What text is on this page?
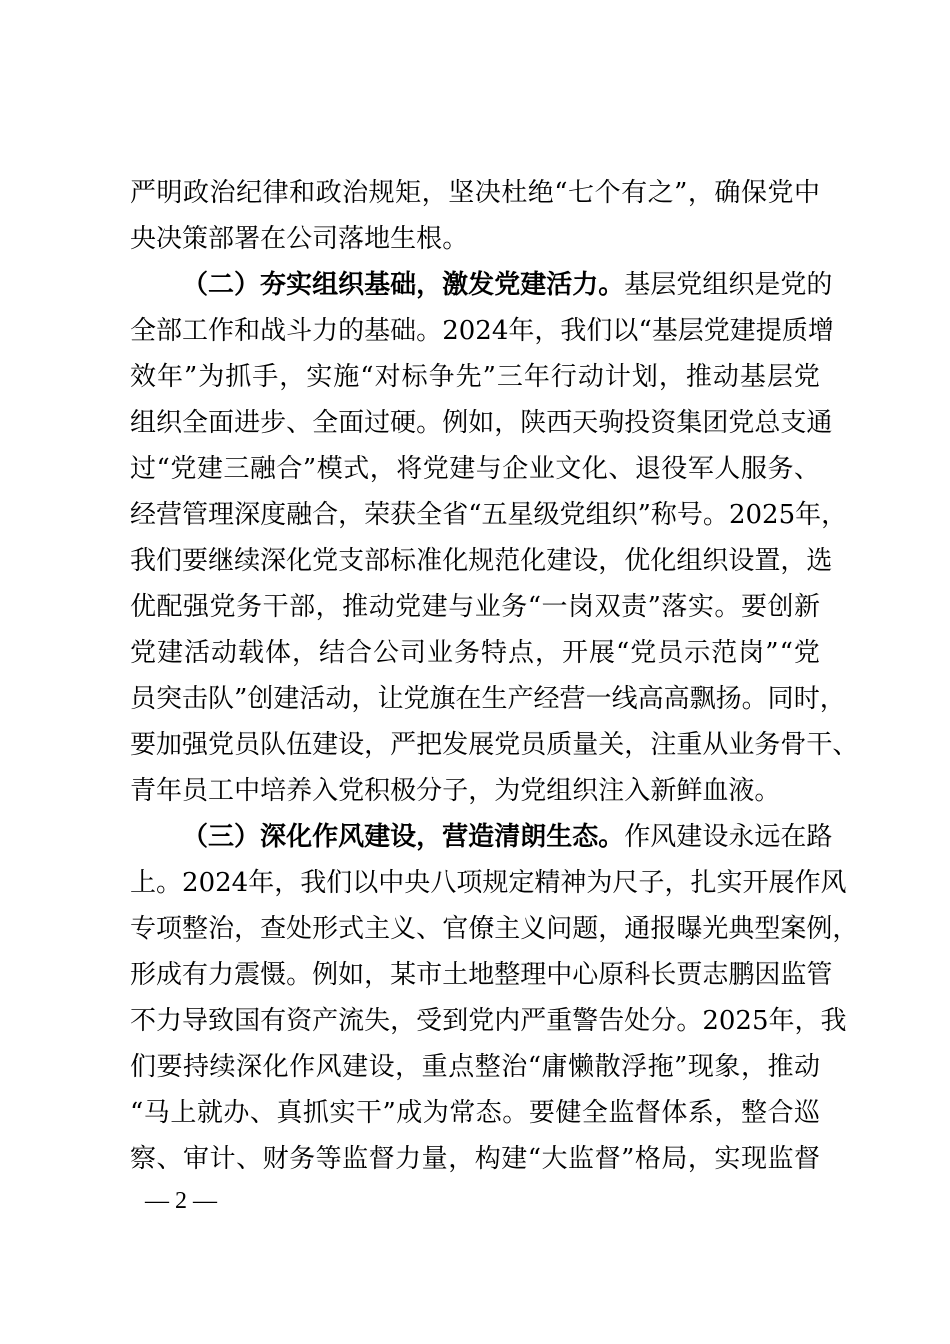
严 明 政 治 纪 律 和 政 治 规 矩 ， 坚 决 杜 绝 “ 七 个 有 之 ” ， 确 保 党 中
央 决 策 部 署 在 公 司 落 地 生 根 。
（ 二 ） 夯 实 组 织 基 础 ， 激 发 党 建 活 力 。 基 层 党 组 织 是 党 的
全 部 工 作 和 战 斗 力 的 基 础 。 2024 年 ， 我 们 以 “ 基 层 党 建 提 质 增
效 年 ” 为 抓 手 ， 实 施 “ 对 标 争 先 ” 三 年 行 动 计 划 ， 推 动 基 层 党
组 织 全 面 进 步 、 全 面 过 硬 。 例 如 ， 陕 西 天 驹 投 资 集 团 党 总 支 通
过 “ 党 建 三 融 合 ” 模 式 ， 将 党 建 与 企 业 文 化 、 退 役 军 人 服 务 、
经 营 管 理 深 度 融 合 ， 荣 获 全 省 “ 五 星 级 党 组 织 ” 称 号 。 2025 年 ，
我 们 要 继 续 深 化 党 支 部 标 准 化 规 范 化 建 设 ， 优 化 组 织 设 置 ， 选
优 配 强 党 务 干 部 ， 推 动 党 建 与 业 务 “ 一 岗 双 责 ” 落 实 。 要 创 新
党 建 活 动 载 体 ， 结 合 公 司 业 务 特 点 ， 开 展 “ 党 员 示 范 岗 ” “ 党
员 突 击 队 ” 创 建 活 动 ， 让 党 旗 在 生 产 经 营 一 线 高 高 飘 扬 。 同 时 ，
要 加 强 党 员 队 伍 建 设 ， 严 把 发 展 党 员 质 量 关 ， 注 重 从 业 务 骨 干 、
青 年 员 工 中 培 养 入 党 积 极 分 子 ， 为 党 组 织 注 入 新 鲜 血 液 。
（ 三 ） 深 化 作 风 建 设 ， 营 造 清 朗 生 态 。 作 风 建 设 永 远 在 路
上 。 2024 年 ， 我 们 以 中 央 八 项 规 定 精 神 为 尺 子 ， 扎 实 开 展 作 风
专 项 整 治 ， 查 处 形 式 主 义 、 官 僚 主 义 问 题 ， 通 报 曝 光 典 型 案 例 ，
形 成 有 力 震 慑 。 例 如 ， 某 市 土 地 整 理 中 心 原 科 长 贾 志 鹏 因 监 管
不 力 导 致 国 有 资 产 流 失 ， 受 到 党 内 严 重 警 告 处 分 。 2025 年 ， 我
们 要 持 续 深 化 作 风 建 设 ， 重 点 整 治 “ 庸 懒 散 浮 拖 ” 现 象 ， 推 动
“ 马 上 就 办 、 真 抓 实 干 ” 成 为 常 态 。 要 健 全 监 督 体 系 ， 整 合 巡
察 、 审 计 、 财 务 等 监 督 力 量 ， 构 建 “ 大 监 督 ” 格 局 ， 实 现 监 督
— 2 —
